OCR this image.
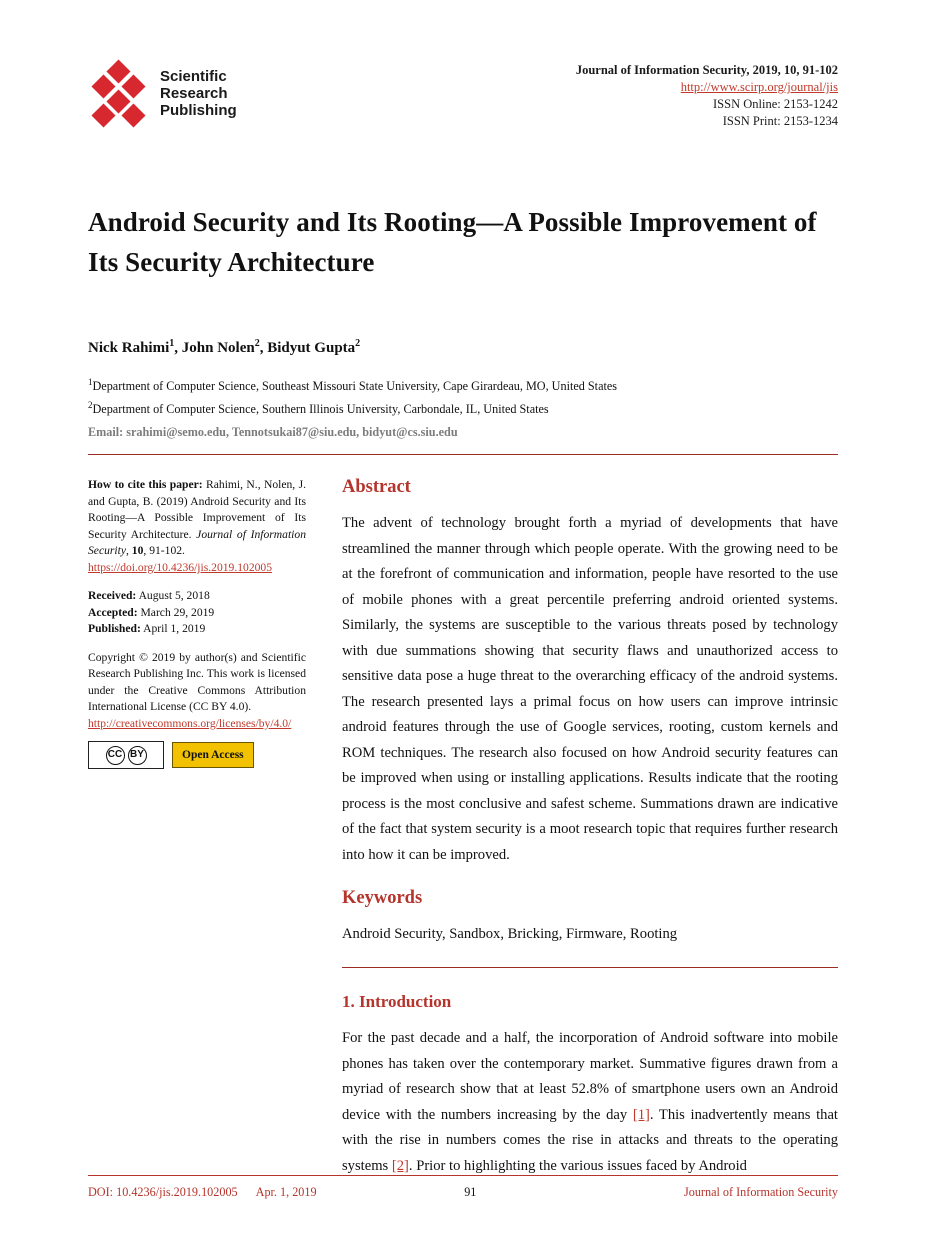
Scientific
Research
Publishing
Journal of Information Security, 2019, 10, 91-102
http://www.scirp.org/journal/jis
ISSN Online: 2153-1242
ISSN Print: 2153-1234
Android Security and Its Rooting—A Possible Improvement of Its Security Architecture
Nick Rahimi$^1$, John Nolen$^2$, Bidyut Gupta$^2$
$^1$Department of Computer Science, Southeast Missouri State University, Cape Girardeau, MO, United States
$^2$Department of Computer Science, Southern Illinois University, Carbondale, IL, United States
Email: srahimi@semo.edu, Tennotsukai87@siu.edu, bidyut@cs.siu.edu

How to cite this paper: Rahimi, N., Nolen, J. and Gupta, B. (2019) Android Security and Its Rooting—A Possible Improvement of Its Security Architecture. Journal of Information Security, 10, 91-102.
https://doi.org/10.4236/jis.2019.102005

Received: August 5, 2018

Accepted: March 29, 2019

Published: April 1, 2019

Copyright © 2019 by author(s) and Scientific Research Publishing Inc. This work is licensed under the Creative Commons Attribution International License (CC BY 4.0).

http://creativecommons.org/licenses/by/4.0/

CC BY	Open Access
Abstract

The advent of technology brought forth a myriad of developments that have streamlined the manner through which people operate. With the growing need to be at the forefront of communication and information, people have resorted to the use of mobile phones with a great percentile preferring android oriented systems. Similarly, the systems are susceptible to the various threats posed by technology with due summations showing that security flaws and unauthorized access to sensitive data pose a huge threat to the overarching efficacy of the android systems. The research presented lays a primal focus on how users can improve intrinsic android features through the use of Google services, rooting, custom kernels and ROM techniques. The research also focused on how Android security features can be improved when using or installing applications. Results indicate that the rooting process is the most conclusive and safest scheme. Summations drawn are indicative of the fact that system security is a moot research topic that requires further research into how it can be improved.

Keywords

Android Security, Sandbox, Bricking, Firmware, Rooting

1. Introduction

For the past decade and a half, the incorporation of Android software into mobile phones has taken over the contemporary market. Summative figures drawn from a myriad of research show that at least 52.8% of smartphone users own an Android device with the numbers increasing by the day [1]. This inadvertently means that with the rise in numbers comes the rise in attacks and threats to the operating systems [2]. Prior to highlighting the various issues faced by Android

DOI: 10.4236/jis.2019.102005 Apr. 1, 2019	91	Journal of Information Security
